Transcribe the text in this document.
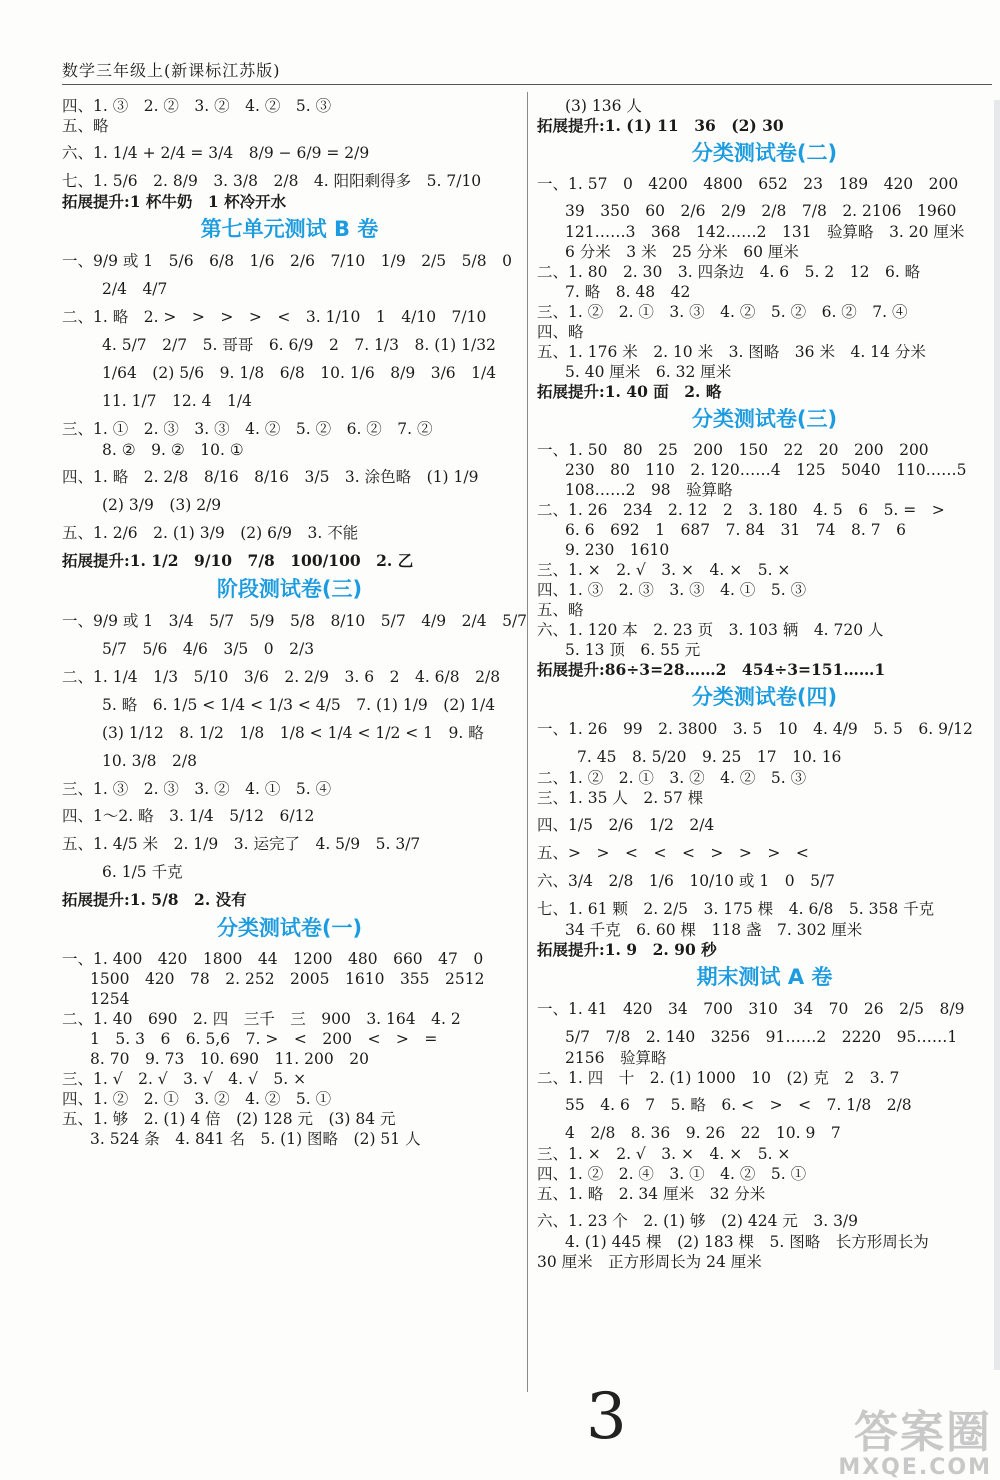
数学三年级上(新课标江苏版)
四、1. ③　2. ②　3. ②　4. ②　5. ③
五、略
六、1. 1/4 + 2/4 = 3/4　8/9 − 6/9 = 2/9
七、1. 5/6　2. 8/9　3. 3/8　2/8　4. 阳阳剩得多　5. 7/10
拓展提升:1 杯牛奶　1 杯冷开水
第七单元测试 B 卷
一、9/9 或 1　5/6　6/8　1/6　2/6　7/10　1/9　2/5　5/8　0
2/4　4/7
二、1. 略　2. >　>　>　>　<　3. 1/10　1　4/10　7/10
4. 5/7　2/7　5. 哥哥　6. 6/9　2　7. 1/3　8. (1) 1/32
1/64　(2) 5/6　9. 1/8　6/8　10. 1/6　8/9　3/6　1/4
11. 1/7　12. 4　1/4
三、1. ①　2. ③　3. ③　4. ②　5. ②　6. ②　7. ②
8. ②　9. ②　10. ①
四、1. 略　2. 2/8　8/16　8/16　3/5　3. 涂色略　(1) 1/9
(2) 3/9　(3) 2/9
五、1. 2/6　2. (1) 3/9　(2) 6/9　3. 不能
拓展提升:1. 1/2　9/10　7/8　100/100　2. 乙
阶段测试卷(三)
一、9/9 或 1　3/4　5/7　5/9　5/8　8/10　5/7　4/9　2/4　5/7
5/7　5/6　4/6　3/5　0　2/3
二、1. 1/4　1/3　5/10　3/6　2. 2/9　3. 6　2　4. 6/8　2/8
5. 略　6. 1/5 < 1/4 < 1/3 < 4/5　7. (1) 1/9　(2) 1/4
(3) 1/12　8. 1/2　1/8　1/8 < 1/4 < 1/2 < 1　9. 略
10. 3/8　2/8
三、1. ③　2. ③　3. ②　4. ①　5. ④
四、1～2. 略　3. 1/4　5/12　6/12
五、1. 4/5 米　2. 1/9　3. 运完了　4. 5/9　5. 3/7
6. 1/5 千克
拓展提升:1. 5/8　2. 没有
分类测试卷(一)
一、1. 400　420　1800　44　1200　480　660　47　0
1500　420　78　2. 252　2005　1610　355　2512
1254
二、1. 40　690　2. 四　三千　三　900　3. 164　4. 2
1　5. 3　6　6. 5,6　7. >　<　200　<　>　=
8. 70　9. 73　10. 690　11. 200　20
三、1. √　2. √　3. √　4. √　5. ×
四、1. ②　2. ①　3. ②　4. ②　5. ①
五、1. 够　2. (1) 4 倍　(2) 128 元　(3) 84 元
3. 524 条　4. 841 名　5. (1) 图略　(2) 51 人
(3) 136 人
拓展提升:1. (1) 11　36　(2) 30
分类测试卷(二)
一、1. 57　0　4200　4800　652　23　189　420　200
39　350　60　2/6　2/9　2/8　7/8　2. 2106　1960
121……3　368　142……2　131　验算略　3. 20 厘米
6 分米　3 米　25 分米　60 厘米
二、1. 80　2. 30　3. 四条边　4. 6　5. 2　12　6. 略
7. 略　8. 48　42
三、1. ②　2. ①　3. ③　4. ②　5. ②　6. ②　7. ④
四、略
五、1. 176 米　2. 10 米　3. 图略　36 米　4. 14 分米
5. 40 厘米　6. 32 厘米
拓展提升:1. 40 面　2. 略
分类测试卷(三)
一、1. 50　80　25　200　150　22　20　200　200
230　80　110　2. 120……4　125　5040　110……5
108……2　98　验算略
二、1. 26　234　2. 12　2　3. 180　4. 5　6　5. =　>
6. 6　692　1　687　7. 84　31　74　8. 7　6
9. 230　1610
三、1. ×　2. √　3. ×　4. ×　5. ×
四、1. ③　2. ③　3. ③　4. ①　5. ③
五、略
六、1. 120 本　2. 23 页　3. 103 辆　4. 720 人
5. 13 顶　6. 55 元
拓展提升:86÷3=28……2　454÷3=151……1
分类测试卷(四)
一、1. 26　99　2. 3800　3. 5　10　4. 4/9　5. 5　6. 9/12
7. 45　8. 5/20　9. 25　17　10. 16
二、1. ②　2. ①　3. ②　4. ②　5. ③
三、1. 35 人　2. 57 棵
四、1/5　2/6　1/2　2/4
五、>　>　<　<　<　>　>　>　<
六、3/4　2/8　1/6　10/10 或 1　0　5/7
七、1. 61 颗　2. 2/5　3. 175 棵　4. 6/8　5. 358 千克
34 千克　6. 60 棵　118 盏　7. 302 厘米
拓展提升:1. 9　2. 90 秒
期末测试 A 卷
一、1. 41　420　34　700　310　34　70　26　2/5　8/9
5/7　7/8　2. 140　3256　91……2　2220　95……1
2156　验算略
二、1. 四　十　2. (1) 1000　10　(2) 克　2　3. 7
55　4. 6　7　5. 略　6. <　>　<　7. 1/8　2/8
4　2/8　8. 36　9. 26　22　10. 9　7
三、1. ×　2. √　3. ×　4. ×　5. ×
四、1. ②　2. ④　3. ①　4. ②　5. ①
五、1. 略　2. 34 厘米　32 分米
六、1. 23 个　2. (1) 够　(2) 424 元　3. 3/9
4. (1) 445 棵　(2) 183 棵　5. 图略　长方形周长为
30 厘米　正方形周长为 24 厘米
3	答案圈
MXQE.COM
